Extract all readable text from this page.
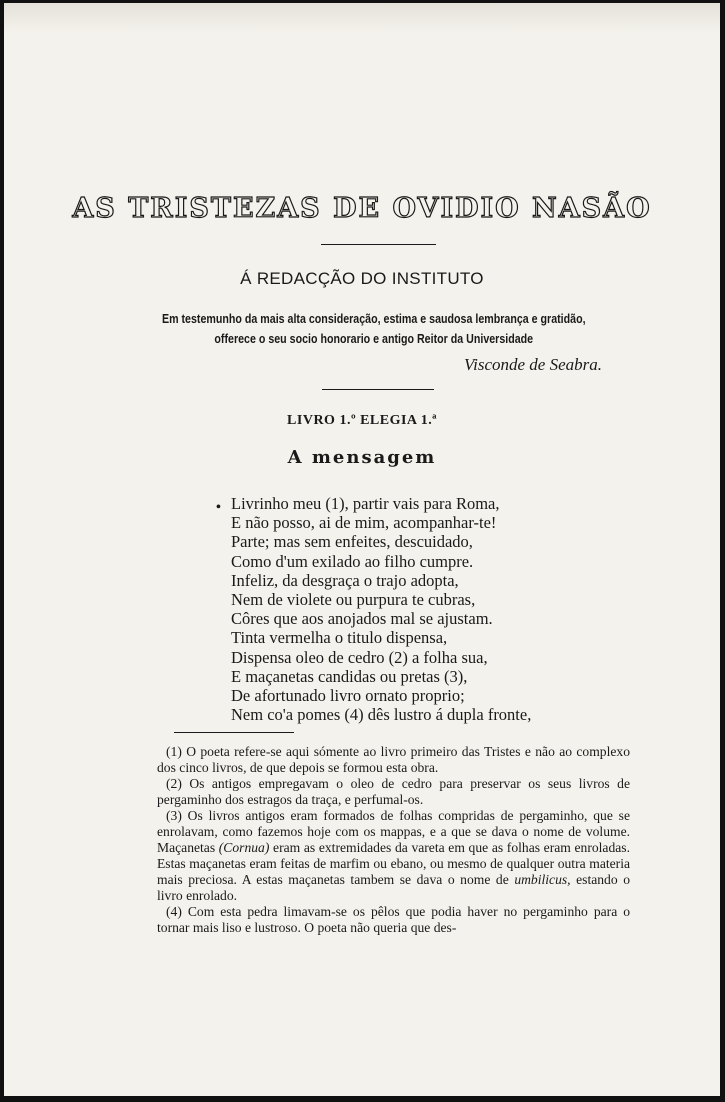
AS TRISTEZAS DE OVIDIO NASÃO
Á REDACÇÃO DO INSTITUTO
Em testemunho da mais alta consideração, estima e saudosa lembrança e gratidão,
offerece o seu socio honorario e antigo Reitor da Universidade
Visconde de Seabra.
LIVRO 1.º ELEGIA 1.ª
A mensagem
• Livrinho meu (1), partir vais para Roma,
E não posso, ai de mim, acompanhar-te!
Parte; mas sem enfeites, descuidado,
Como d'um exilado ao filho cumpre.
Infeliz, da desgraça o trajo adopta,
Nem de violete ou purpura te cubras,
Côres que aos anojados mal se ajustam.
Tinta vermelha o titulo dispensa,
Dispensa oleo de cedro (2) a folha sua,
E maçanetas candidas ou pretas (3),
De afortunado livro ornato proprio;
Nem co'a pomes (4) dês lustro á dupla fronte,

(1) O poeta refere-se aqui sómente ao livro primeiro das Tristes e não ao complexo dos cinco livros, de que depois se formou esta obra.

(2) Os antigos empregavam o oleo de cedro para preservar os seus livros de pergaminho dos estragos da traça, e perfumal-os.

(3) Os livros antigos eram formados de folhas compridas de pergaminho, que se enrolavam, como fazemos hoje com os mappas, e a que se dava o nome de volume. Maçanetas (Cornua) eram as extremidades da vareta em que as folhas eram enroladas. Estas maçanetas eram feitas de marfim ou ebano, ou mesmo de qualquer outra materia mais preciosa. A estas maçanetas tambem se dava o nome de umbilicus, estando o livro enrolado.

(4) Com esta pedra limavam-se os pêlos que podia haver no pergaminho para o tornar mais liso e lustroso. O poeta não queria que des-
